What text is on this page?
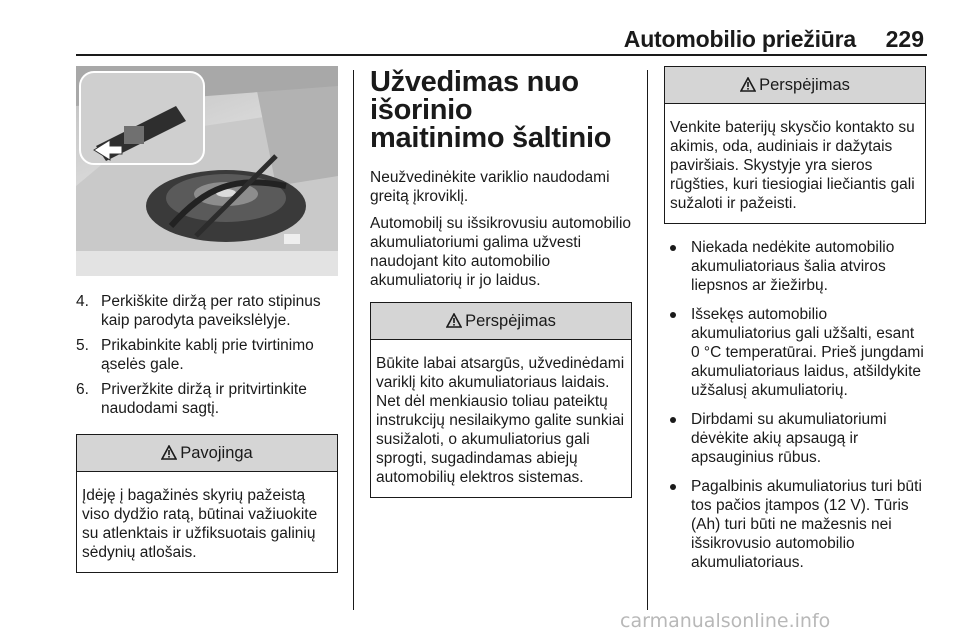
Automobilio priežiūra 229
4. Perkiškite diržą per rato stipinus kaip parodyta paveikslėlyje.
5. Prikabinkite kablį prie tvirtinimo ąselės gale.
6. Priveržkite diržą ir pritvirtinkite naudodami sagtį.
Pavojinga
Įdėję į bagažinės skyrių pažeistą viso dydžio ratą, būtinai važiuokite su atlenktais ir užfiksuotais galinių sėdynių atlošais.
Užvedimas nuo išorinio
maitinimo šaltinio

Neužvedinėkite variklio naudodami greitą įkroviklį.

Automobilį su išsikrovusiu automobilio akumuliatoriumi galima užvesti naudojant kito automobilio akumuliatorių ir jo laidus.

Perspėjimas
Būkite labai atsargūs, užvedinėdami variklį kito akumuliatoriaus laidais. Net dėl menkiausio toliau pateiktų instrukcijų nesilaikymo galite sunkiai susižaloti, o akumuliatorius gali sprogti, sugadindamas abiejų automobilių elektros sistemas.
Perspėjimas
Venkite baterijų skysčio kontakto su akimis, oda, audiniais ir dažytais paviršiais. Skystyje yra sieros rūgšties, kuri tiesiogiai liečiantis gali sužaloti ir pažeisti.
Niekada nedėkite automobilio akumuliatoriaus šalia atviros liepsnos ar žiežirbų.
Išsekęs automobilio akumuliatorius gali užšalti, esant 0 °C temperatūrai. Prieš jungdami akumuliatoriaus laidus, atšildykite užšalusį akumuliatorių.
Dirbdami su akumuliatoriumi dėvėkite akių apsaugą ir apsauginius rūbus.
Pagalbinis akumuliatorius turi būti tos pačios įtampos (12 V). Tūris (Ah) turi būti ne mažesnis nei išsikrovusio automobilio akumuliatoriaus.
carmanualsonline.info
